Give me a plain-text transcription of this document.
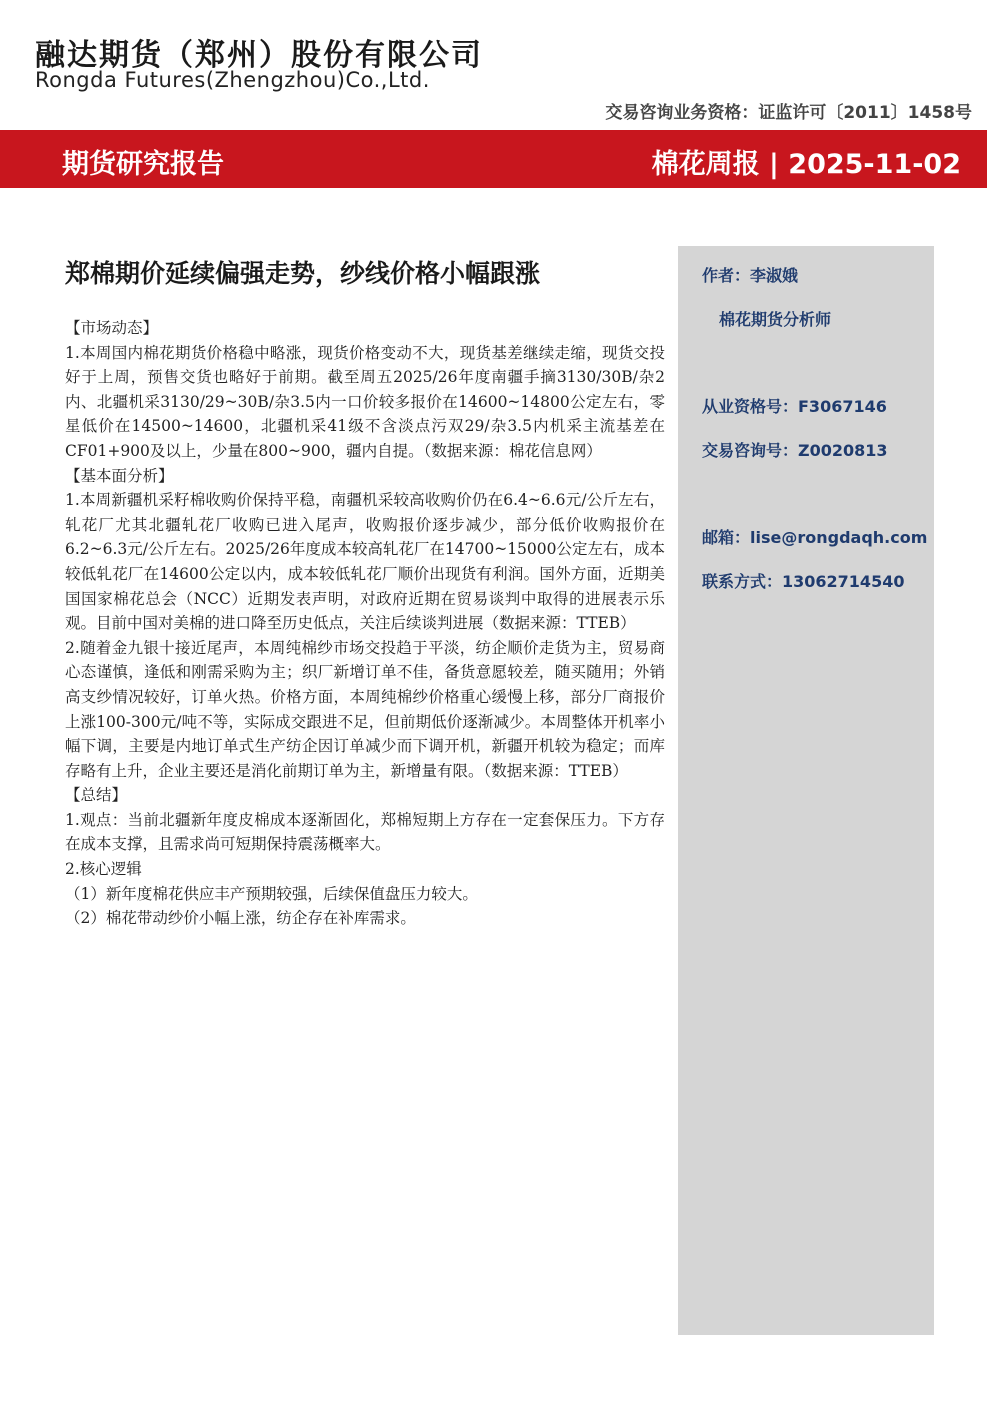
融达期货（郑州）股份有限公司
Rongda Futures(Zhengzhou)Co.,Ltd.
交易咨询业务资格：证监许可〔2011〕1458号
期货研究报告	棉花周报 | 2025-11-02
郑棉期价延续偏强走势，纱线价格小幅跟涨

【市场动态】

1.本周国内棉花期货价格稳中略涨，现货价格变动不大，现货基差继续走缩，现货交投好于上周，预售交货也略好于前期。截至周五2025/26年度南疆手摘3130/30B/杂2内、北疆机采3130/29~30B/杂3.5内一口价较多报价在14600~14800公定左右，零星低价在14500~14600，北疆机采41级不含淡点污双29/杂3.5内机采主流基差在CF01+900及以上，少量在800~900，疆内自提。（数据来源：棉花信息网）

【基本面分析】

1.本周新疆机采籽棉收购价保持平稳，南疆机采较高收购价仍在6.4~6.6元/公斤左右，轧花厂尤其北疆轧花厂收购已进入尾声，收购报价逐步减少，部分低价收购报价在6.2~6.3元/公斤左右。2025/26年度成本较高轧花厂在14700~15000公定左右，成本较低轧花厂在14600公定以内，成本较低轧花厂顺价出现货有利润。国外方面，近期美国国家棉花总会（NCC）近期发表声明，对政府近期在贸易谈判中取得的进展表示乐观。目前中国对美棉的进口降至历史低点，关注后续谈判进展（数据来源：TTEB）

2.随着金九银十接近尾声，本周纯棉纱市场交投趋于平淡，纺企顺价走货为主，贸易商心态谨慎，逢低和刚需采购为主；织厂新增订单不佳，备货意愿较差，随买随用；外销高支纱情况较好，订单火热。价格方面，本周纯棉纱价格重心缓慢上移，部分厂商报价上涨100-300元/吨不等，实际成交跟进不足，但前期低价逐渐减少。本周整体开机率小幅下调，主要是内地订单式生产纺企因订单减少而下调开机，新疆开机较为稳定；而库存略有上升，企业主要还是消化前期订单为主，新增量有限。（数据来源：TTEB）

【总结】

1.观点：当前北疆新年度皮棉成本逐渐固化，郑棉短期上方存在一定套保压力。下方存在成本支撑，且需求尚可短期保持震荡概率大。

2.核心逻辑

（1）新年度棉花供应丰产预期较强，后续保值盘压力较大。

（2）棉花带动纱价小幅上涨，纺企存在补库需求。

作者：李淑娥
棉花期货分析师
从业资格号：F3067146
交易咨询号：Z0020813
邮箱：lise@rongdaqh.com
联系方式：13062714540
